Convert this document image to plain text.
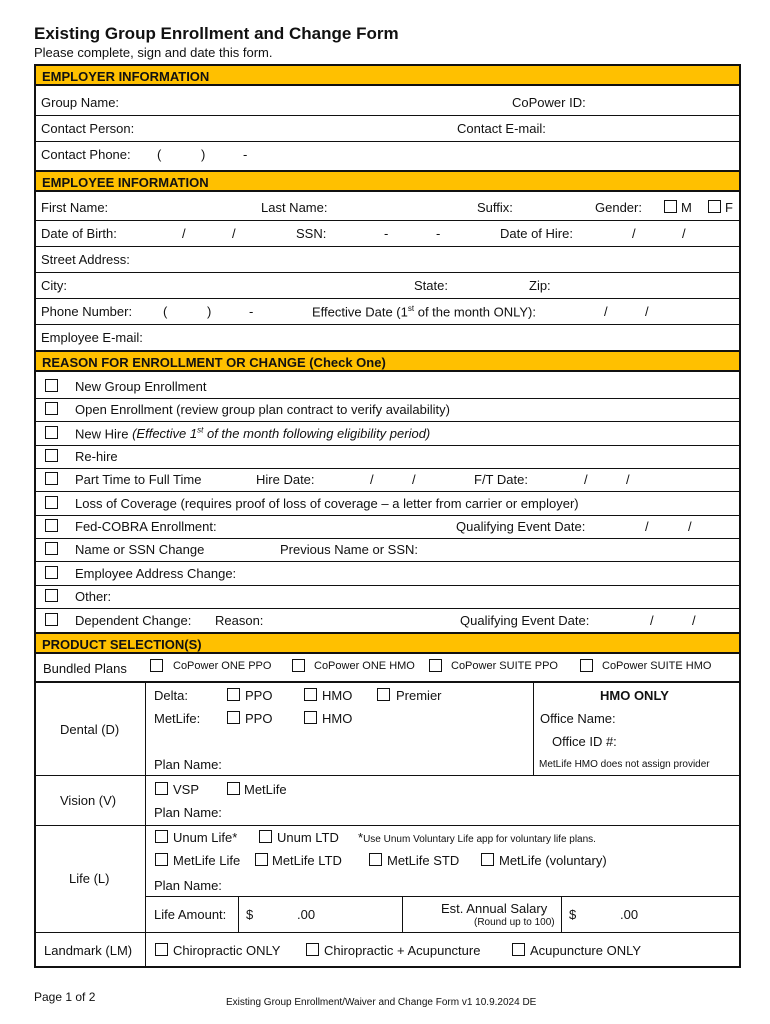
Existing Group Enrollment and Change Form
Please complete, sign and date this form.
EMPLOYER INFORMATION
Group Name:	CoPower ID:
Contact Person:	Contact E-mail:
Contact Phone: (	)	-
EMPLOYEE INFORMATION
First Name:	Last Name:	Suffix:	Gender:	M	F
Date of Birth:	/	/	SSN:	-	-	Date of Hire:	/	/
Street Address:
City:	State:	Zip:
Phone Number: (	)	-	Effective Date (1st of the month ONLY):	/	/
Employee E-mail:
REASON FOR ENROLLMENT OR CHANGE (Check One)
New Group Enrollment
Open Enrollment (review group plan contract to verify availability)
New Hire (Effective 1st of the month following eligibility period)
Re-hire
Part Time to Full Time	Hire Date:	/	/	F/T Date:	/	/
Loss of Coverage (requires proof of loss of coverage – a letter from carrier or employer)
Fed-COBRA Enrollment:	Qualifying Event Date:	/	/
Name or SSN Change	Previous Name or SSN:
Employee Address Change:
Other:
Dependent Change: Reason:	Qualifying Event Date:	/	/
PRODUCT SELECTION(S)
Bundled Plans	CoPower ONE PPO	CoPower ONE HMO	CoPower SUITE PPO	CoPower SUITE HMO
Dental (D)
Delta:	PPO	HMO	Premier
MetLife:	PPO	HMO
Plan Name:
HMO ONLY
Office Name:
Office ID #:
MetLife HMO does not assign provider
Vision (V)
VSP	MetLife
Plan Name:
Life (L)
Unum Life*	Unum LTD *Use Unum Voluntary Life app for voluntary life plans.
MetLife Life MetLife LTD	MetLife STD	MetLife (voluntary)
Plan Name:
Life Amount: $	.00	Est. Annual Salary
(Round up to 100)
$	.00
Landmark (LM)	Chiropractic ONLY	Chiropractic + Acupuncture	Acupuncture ONLY
Page 1 of 2	Existing Group Enrollment/Waiver and Change Form v1 10.9.2024 DE
